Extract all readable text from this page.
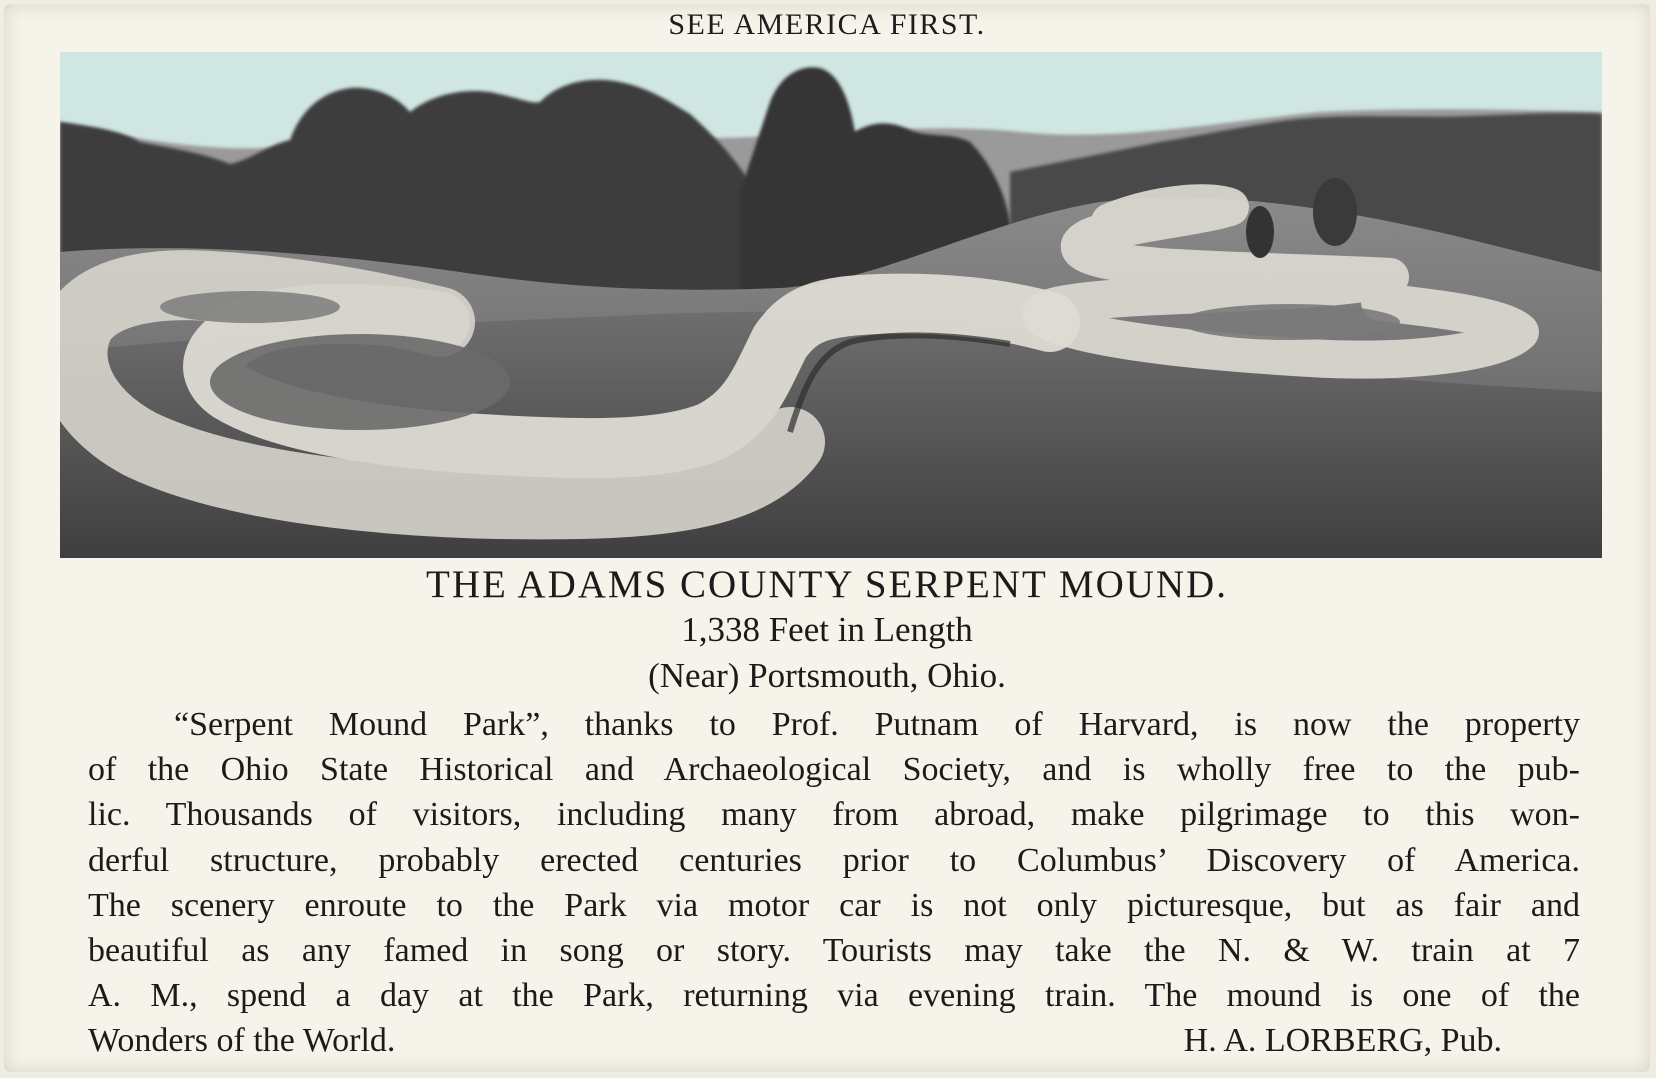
SEE AMERICA FIRST.
THE ADAMS COUNTY SERPENT MOUND.
1,338 Feet in Length
(Near) Portsmouth, Ohio.
“Serpent Mound Park”, thanks to Prof. Putnam of Harvard, is now the property
of the Ohio State Historical and Archaeological Society, and is wholly free to the pub-
lic. Thousands of visitors, including many from abroad, make pilgrimage to this won-
derful structure, probably erected centuries prior to Columbus’ Discovery of America.
The scenery enroute to the Park via motor car is not only picturesque, but as fair and
beautiful as any famed in song or story. Tourists may take the N. & W. train at 7
A. M., spend a day at the Park, returning via evening train. The mound is one of the
Wonders of the World.	H. A. LORBERG, Pub.
